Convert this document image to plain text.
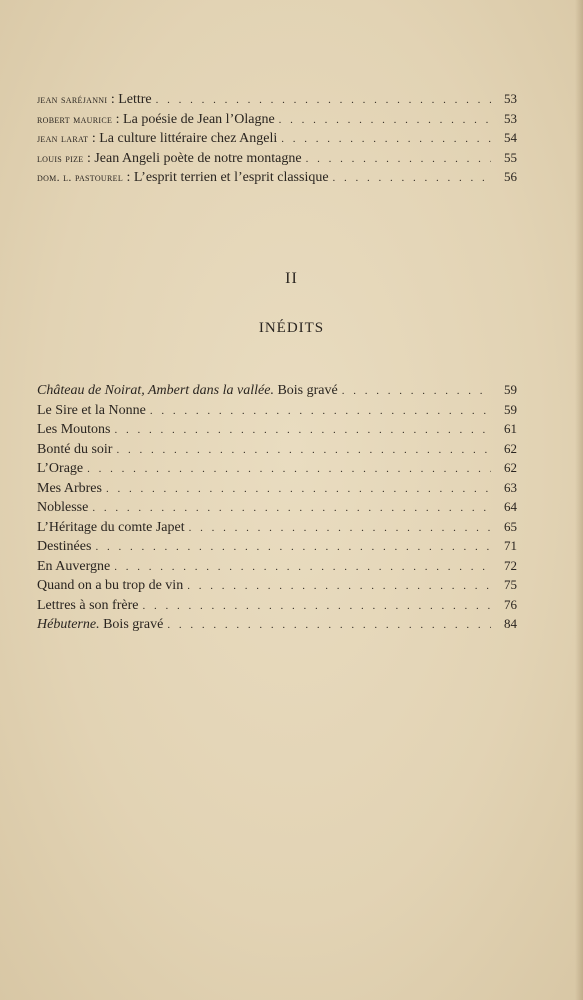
jean saréjanni : Lettre . . .	53
robert maurice : La poésie de Jean l’Olagne . . .	53
jean larat : La culture littéraire chez Angeli . . .	54
louis pize : Jean Angeli poète de notre montagne . . .	55
dom. l. pastourel : L’esprit terrien et l’esprit classique . . .	56
II
INÉDITS
Château de Noirat, Ambert dans la vallée. Bois gravé . . .	59
Le Sire et la Nonne . . .	59
Les Moutons . . .	61
Bonté du soir . . .	62
L’Orage . . .	62
Mes Arbres . . .	63
Noblesse . . .	64
L’Héritage du comte Japet . . .	65
Destinées . . .	71
En Auvergne . . .	72
Quand on a bu trop de vin . . .	75
Lettres à son frère . . .	76
Hébuterne. Bois gravé . . .	84
